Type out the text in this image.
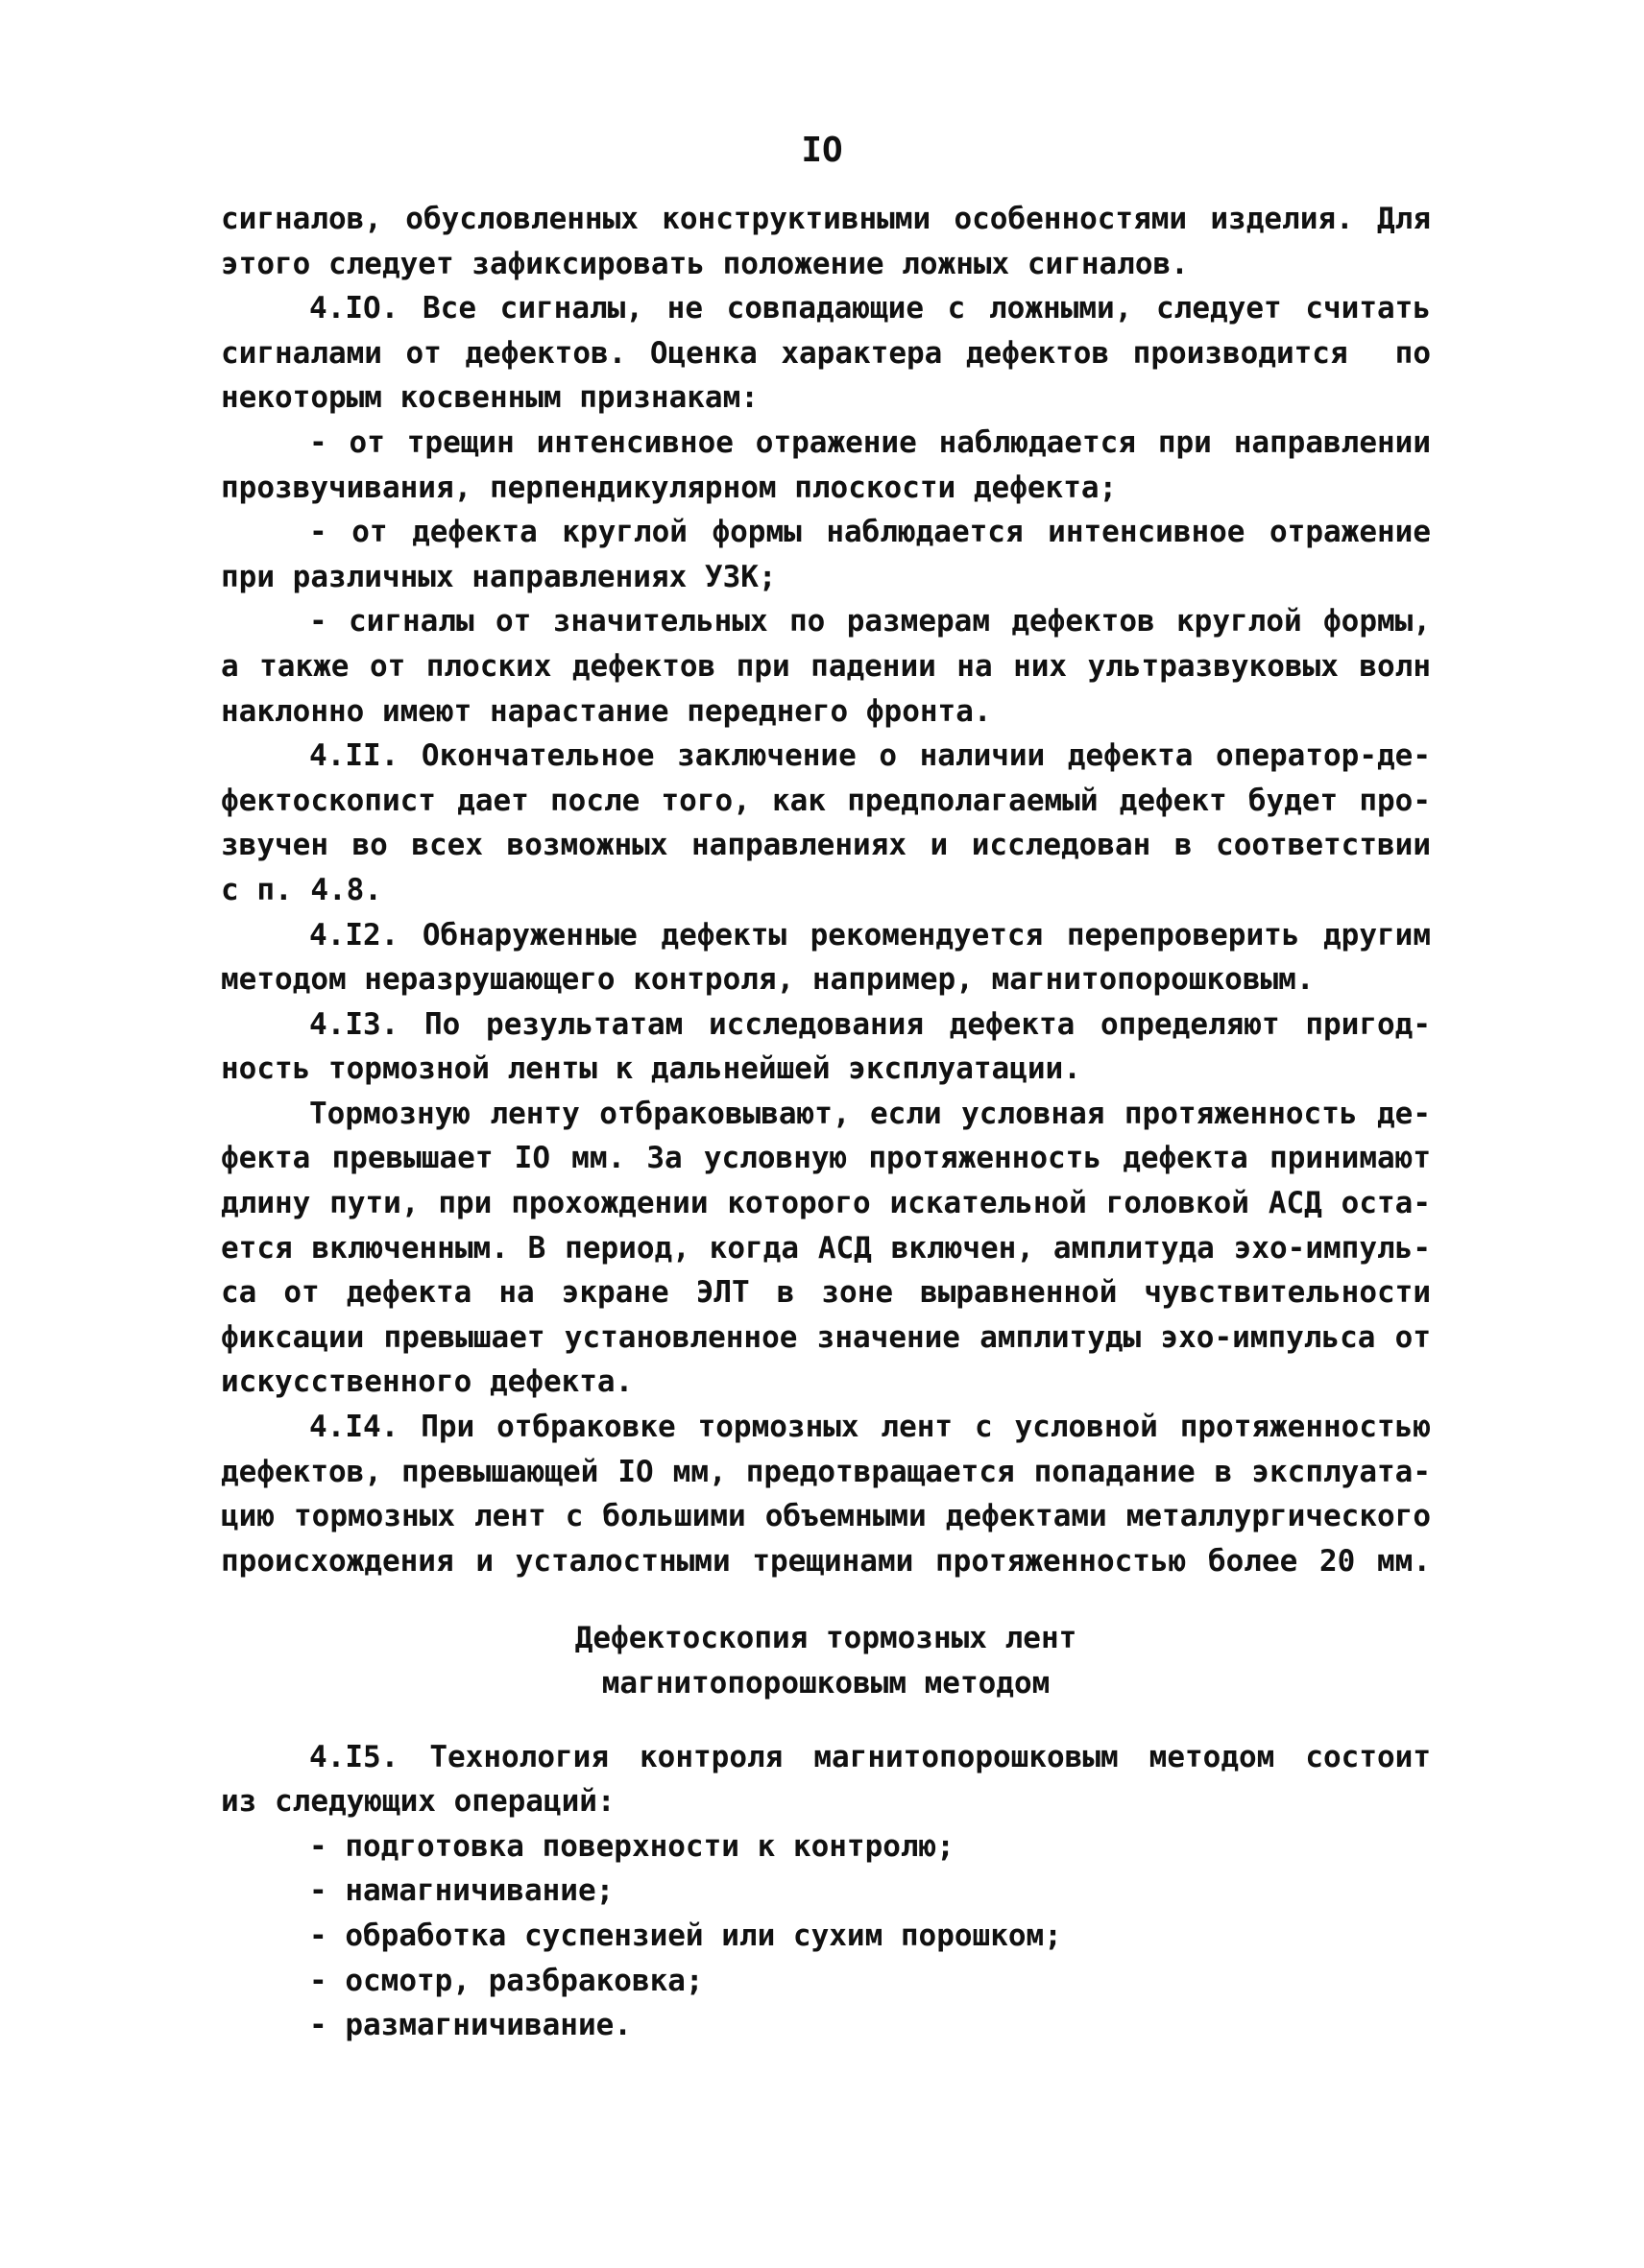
IO
сигналов, обусловленных конструктивными особенностями изделия. Для
этого следует зафиксировать положение ложных сигналов.
4.IO. Все сигналы, не совпадающие с ложными, следует считать
сигналами от дефектов. Оценка характера дефектов производится  по
некоторым косвенным признакам:
- от трещин интенсивное отражение наблюдается при направлении
прозвучивания, перпендикулярном плоскости дефекта;
- от дефекта круглой формы наблюдается интенсивное отражение
при различных направлениях УЗК;
- сигналы от значительных по размерам дефектов круглой формы,
а также от плоских дефектов при падении на них ультразвуковых волн
наклонно имеют нарастание переднего фронта.
4.II. Окончательное заключение о наличии дефекта оператор-де-
фектоскопист дает после того, как предполагаемый дефект будет про-
звучен во всех возможных направлениях и исследован в соответствии
с п. 4.8.
4.I2. Обнаруженные дефекты рекомендуется перепроверить другим
методом неразрушающего контроля, например, магнитопорошковым.
4.I3. По результатам исследования дефекта определяют пригод-
ность тормозной ленты к дальнейшей эксплуатации.
Тормозную ленту отбраковывают, если условная протяженность де-
фекта превышает IO мм. За условную протяженность дефекта принимают
длину пути, при прохождении которого искательной головкой АСД оста-
ется включенным. В период, когда АСД включен, амплитуда эхо-импуль-
са от дефекта на экране ЭЛТ в зоне выравненной чувствительности
фиксации превышает установленное значение амплитуды эхо-импульса от
искусственного дефекта.
4.I4. При отбраковке тормозных лент с условной протяженностью
дефектов, превышающей IO мм, предотвращается попадание в эксплуата-
цию тормозных лент с большими объемными дефектами металлургического
происхождения и усталостными трещинами протяженностью более 20 мм.
Дефектоскопия тормозных лент
магнитопорошковым методом
4.I5. Технология контроля магнитопорошковым методом состоит
из следующих операций:
- подготовка поверхности к контролю;
- намагничивание;
- обработка суспензией или сухим порошком;
- осмотр, разбраковка;
- размагничивание.
